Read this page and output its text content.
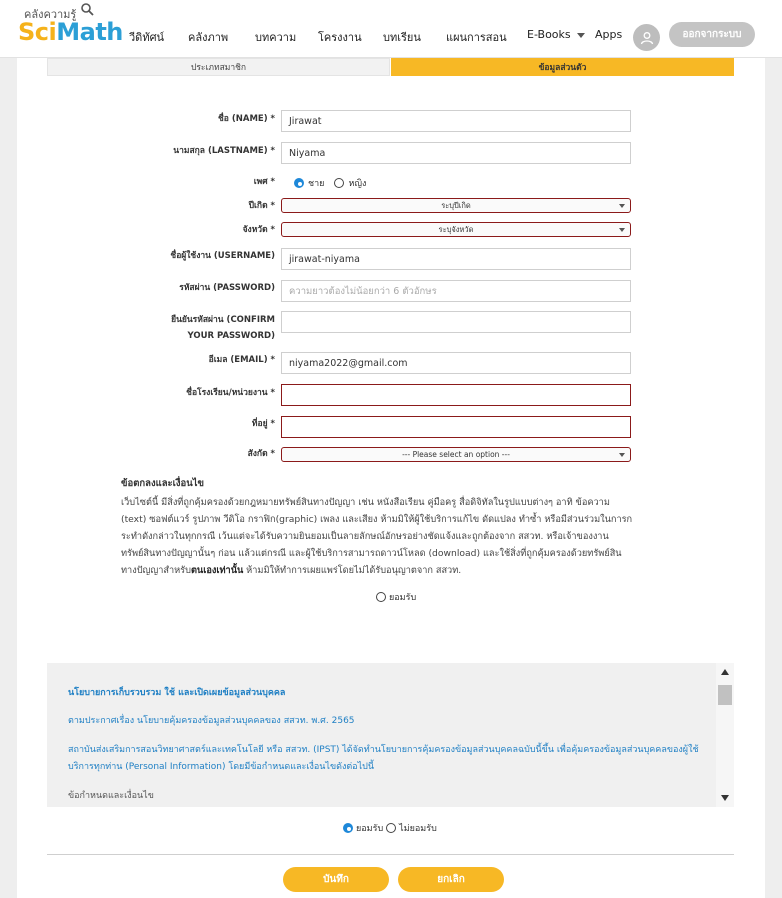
คลังความรู้
SciMath วีดิทัศน์ คลังภาพ บทความ โครงงาน บทเรียน แผนการสอน E-Books	Apps	ออกจากระบบ
ประเภทสมาชิก	ข้อมูลส่วนตัว
ชื่อ (NAME) *	Jirawat
นามสกุล (LASTNAME) *	Niyama
เพศ *	ชาย	หญิง
ปีเกิด *	ระบุปีเกิด
จังหวัด *	ระบุจังหวัด
ชื่อผู้ใช้งาน (USERNAME)	jirawat-niyama
รหัสผ่าน (PASSWORD)	ความยาวต้องไม่น้อยกว่า 6 ตัวอักษร
ยืนยันรหัสผ่าน (CONFIRM
YOUR PASSWORD)
อีเมล (EMAIL) *	niyama2022@gmail.com
ชื่อโรงเรียน/หน่วยงาน *
ที่อยู่ *
สังกัด *	--- Please select an option ---
ข้อตกลงและเงื่อนไข
เว็บไซต์นี้ มีสิ่งที่ถูกคุ้มครองด้วยกฎหมายทรัพย์สินทางปัญญา เช่น หนังสือเรียน คู่มือครู สื่อดิจิทัลในรูปแบบต่างๆ อาทิ ข้อความ (text) ซอฟต์แวร์ รูปภาพ วีดิโอ กราฟิก(graphic) เพลง และเสียง ห้ามมิให้ผู้ใช้บริการแก้ไข ดัดแปลง ทำซ้ำ หรือมีส่วนร่วมในการกระทำดังกล่าวในทุกกรณี เว้นแต่จะได้รับความยินยอมเป็นลายลักษณ์อักษรอย่างชัดแจ้งและถูกต้องจาก สสวท. หรือเจ้าของงานทรัพย์สินทางปัญญานั้นๆ ก่อน แล้วแต่กรณี และผู้ใช้บริการสามารถดาวน์โหลด (download) และใช้สิ่งที่ถูกคุ้มครองด้วยทรัพย์สินทางปัญญาสำหรับตนเองเท่านั้น ห้ามมิให้ทำการเผยแพร่โดยไม่ได้รับอนุญาตจาก สสวท.
ยอมรับ

นโยบายการเก็บรวบรวม ใช้ และเปิดเผยข้อมูลส่วนบุคคล

ตามประกาศเรื่อง นโยบายคุ้มครองข้อมูลส่วนบุคคลของ สสวท. พ.ศ. 2565

สถาบันส่งเสริมการสอนวิทยาศาสตร์และเทคโนโลยี หรือ สสวท. (IPST) ได้จัดทำนโยบายการคุ้มครองข้อมูลส่วนบุคคลฉบับนี้ขึ้น เพื่อคุ้มครองข้อมูลส่วนบุคคลของผู้ใช้บริการทุกท่าน (Personal Information) โดยมีข้อกำหนดและเงื่อนไขดังต่อไปนี้

ข้อกำหนดและเงื่อนไข

ยอมรับ ไม่ยอมรับ
บันทึก	ยกเลิก
